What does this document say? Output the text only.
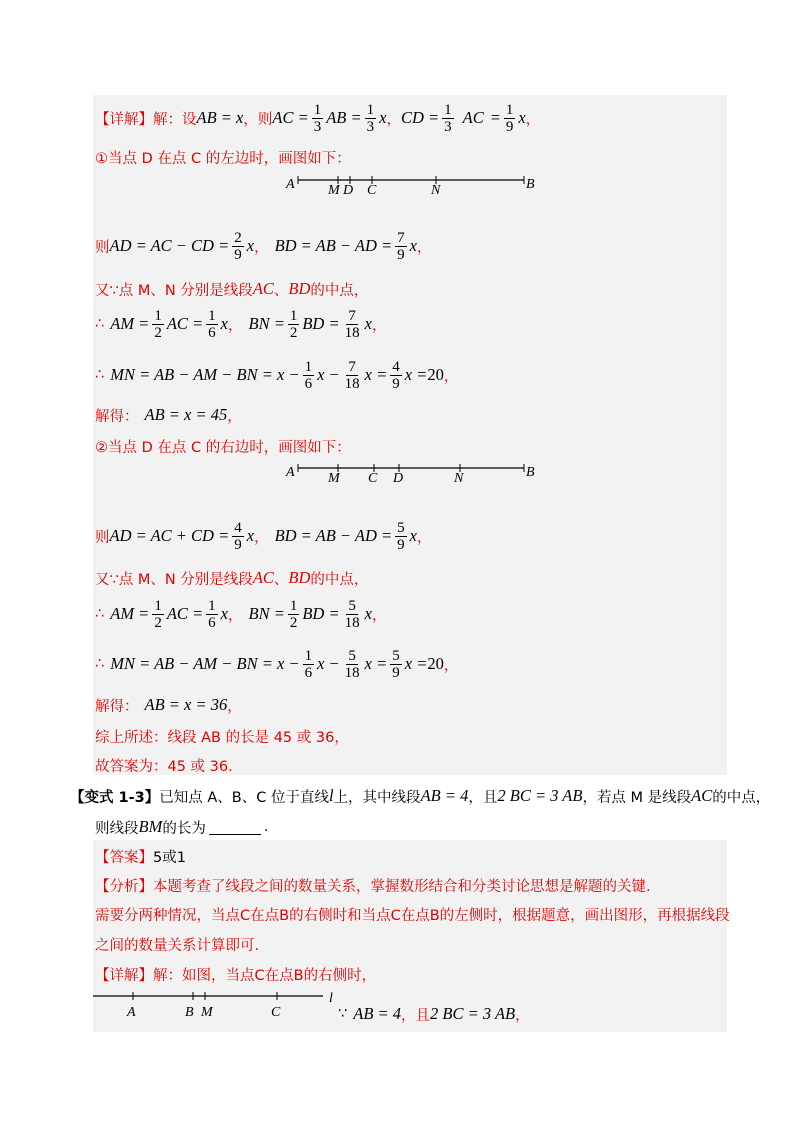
【详解】 解：设 AB = x ，则 AC = $\frac{1}{3}$ AB = $\frac{1}{3}$ x ， CD = $\frac{1}{3}$ AC = $\frac{1}{9}$ x ，
①当点 D 在点 C 的左边时，画图如下：
A M D C	N	B
则 AD = AC − CD = $\frac{2}{9}$ x ， BD = AB − AD = $\frac{7}{9}$ x ，
又∵点 M、N 分别是线段 AC 、 BD 的中点，
∴ AM = $\frac{1}{2}$ AC = $\frac{1}{6}$ x ， BN = $\frac{1}{2}$ BD = $\frac{7}{18}$ x ，
∴ MN = AB − AM − BN = $x - \frac{1}{6}$ $x - \frac{7}{18}$ $x = \frac{4}{9}$ x = 20 ，
解得： AB = x = 45 ，
②当点 D 在点 C 的右边时，画图如下：
A M C D	N	B
则 AD = AC + CD = $\frac{4}{9}$ x ， BD = AB − AD = $\frac{5}{9}$ x ，
又∵点 M、N 分别是线段 AC 、 BD 的中点，
∴ AM = $\frac{1}{2}$ AC = $\frac{1}{6}$ x ， BN = $\frac{1}{2}$ BD = $\frac{5}{18}$ x ，
∴ MN = AB − AM − BN = $x - \frac{1}{6}$ $x - \frac{5}{18}$ $x = \frac{5}{9}$ x = 20 ，
解得： AB = x = 36 ，
综上所述：线段 AB 的长是 45 或 36，
故答案为：45 或 36.
【变式 1-3】 已知点 A、B、C 位于直线 l 上，其中线段 AB = 4 ，且 2 BC = 3 AB ，若点 M 是线段 AC 的中点，
则线段 BM 的长为	.
【答案】 5或1
【分析】 本题考查了线段之间的数量关系，掌握数形结合和分类讨论思想是解题的关键.
需要分两种情况，当点C在点B的右侧时和当点C在点B的左侧时，根据题意，画出图形，再根据线段
之间的数量关系计算即可.
【详解】 解：如图，当点C在点B的右侧时，
A	B M	C
l
∵ AB = 4 ，且 2 BC = 3 AB ，
